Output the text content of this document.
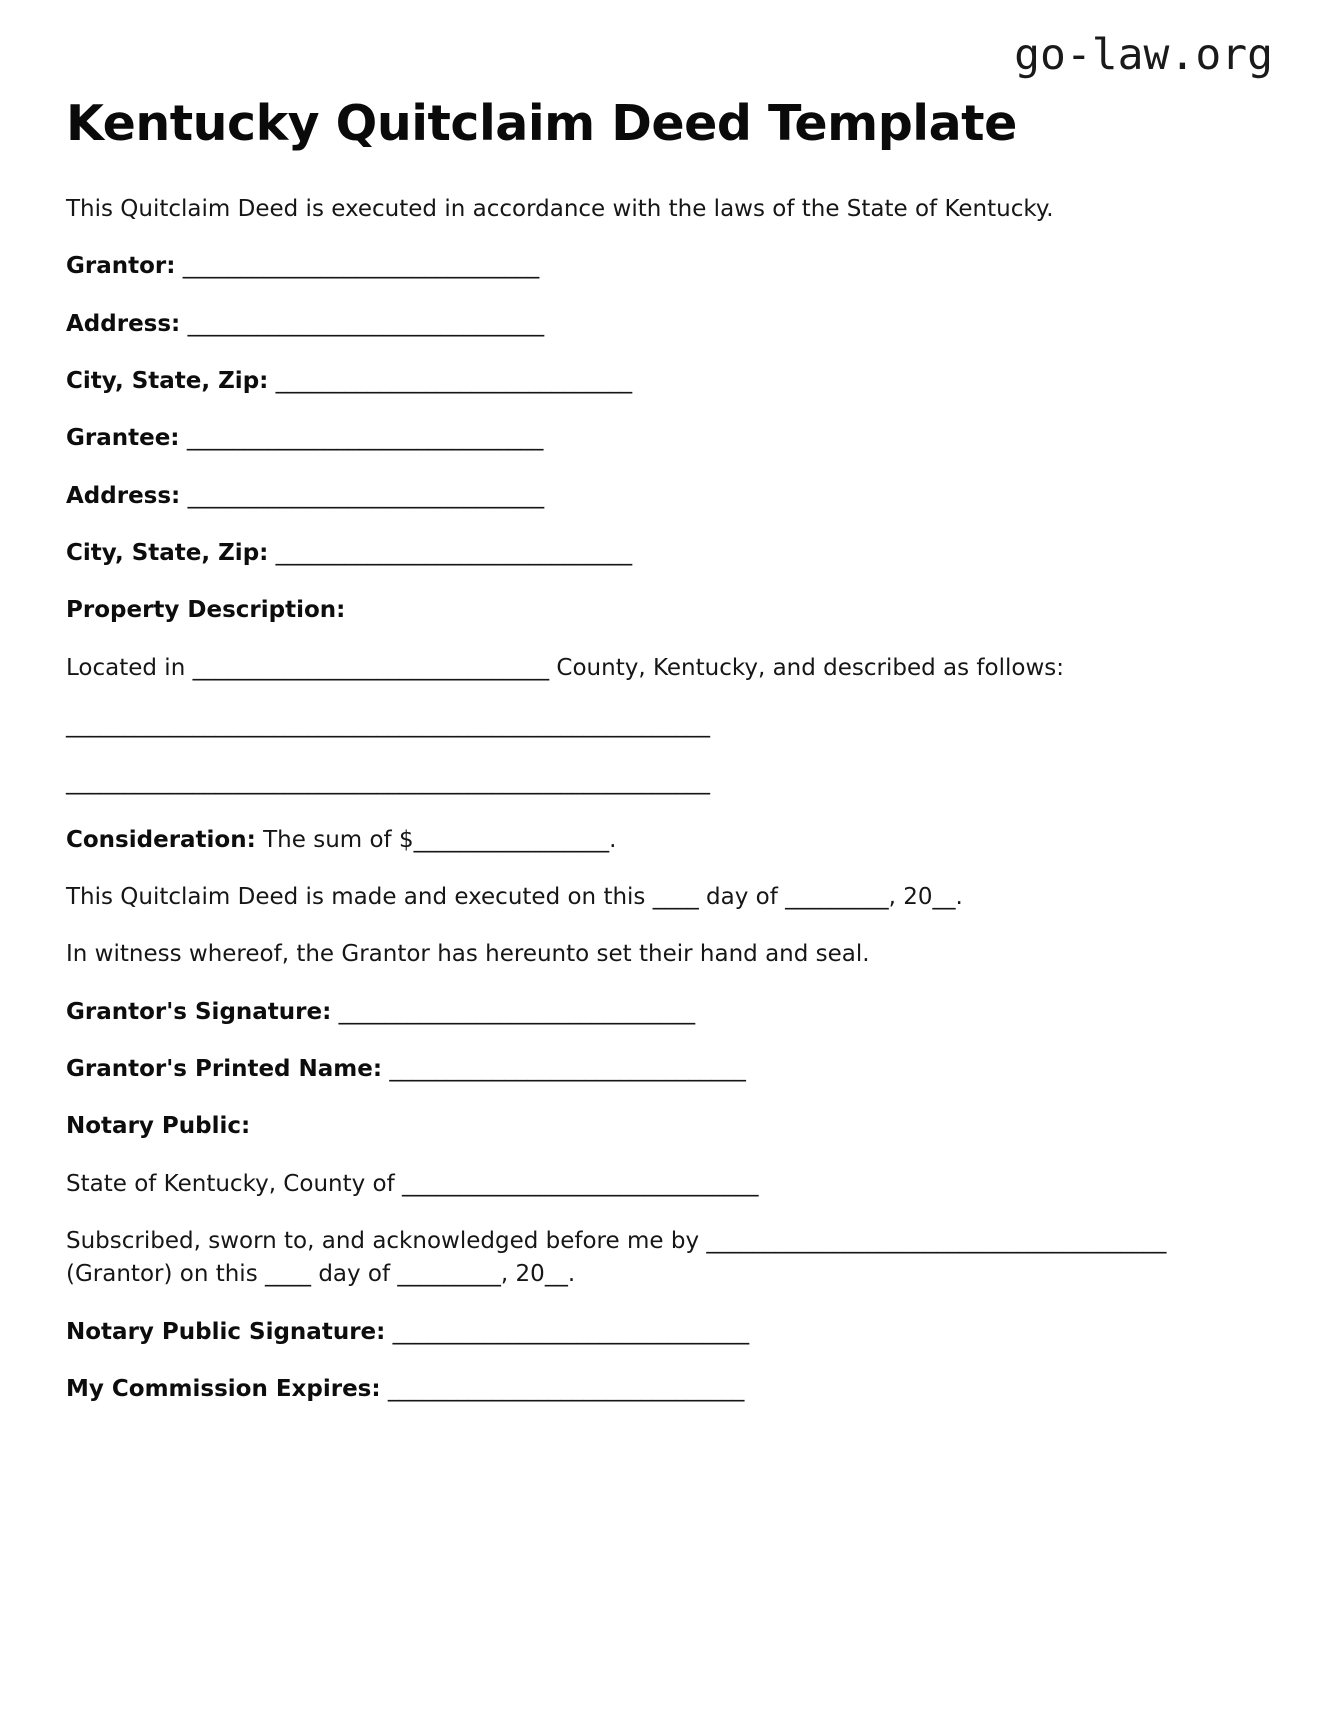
go-law.org
Kentucky Quitclaim Deed Template

This Quitclaim Deed is executed in accordance with the laws of the State of Kentucky.

Grantor: _______________________________

Address: _______________________________

City, State, Zip: _______________________________

Grantee: _______________________________

Address: _______________________________

City, State, Zip: _______________________________

Property Description:

Located in _______________________________ County, Kentucky, and described as follows:

________________________________________________________

________________________________________________________

Consideration: The sum of $_________________.

This Quitclaim Deed is made and executed on this ____ day of _________, 20__.

In witness whereof, the Grantor has hereunto set their hand and seal.

Grantor's Signature: _______________________________

Grantor's Printed Name: _______________________________

Notary Public:

State of Kentucky, County of _______________________________

Subscribed, sworn to, and acknowledged before me by ________________________________________
(Grantor) on this ____ day of _________, 20__.

Notary Public Signature: _______________________________

My Commission Expires: _______________________________
